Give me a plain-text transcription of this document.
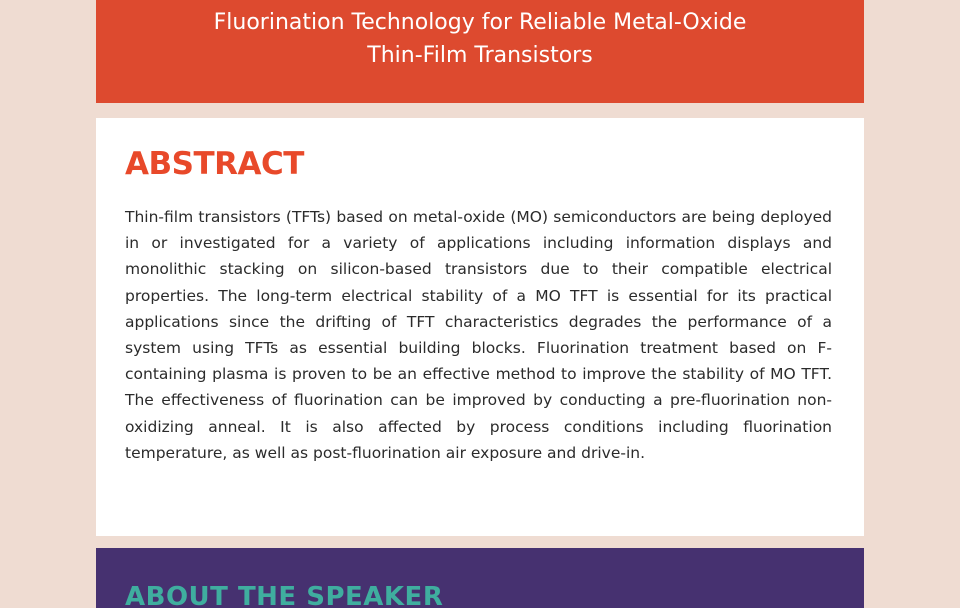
Fluorination Technology for Reliable Metal-Oxide
Thin-Film Transistors
ABSTRACT

Thin-film transistors (TFTs) based on metal-oxide (MO) semiconductors are being deployed in or investigated for a variety of applications including information displays and monolithic stacking on silicon-based transistors due to their compatible electrical properties. The long-term electrical stability of a MO TFT is essential for its practical applications since the drifting of TFT characteristics degrades the performance of a system using TFTs as essential building blocks. Fluorination treatment based on F-containing plasma is proven to be an effective method to improve the stability of MO TFT. The effectiveness of fluorination can be improved by conducting a pre-fluorination non-oxidizing anneal. It is also affected by process conditions including fluorination temperature, as well as post-fluorination air exposure and drive-in.

ABOUT THE SPEAKER
